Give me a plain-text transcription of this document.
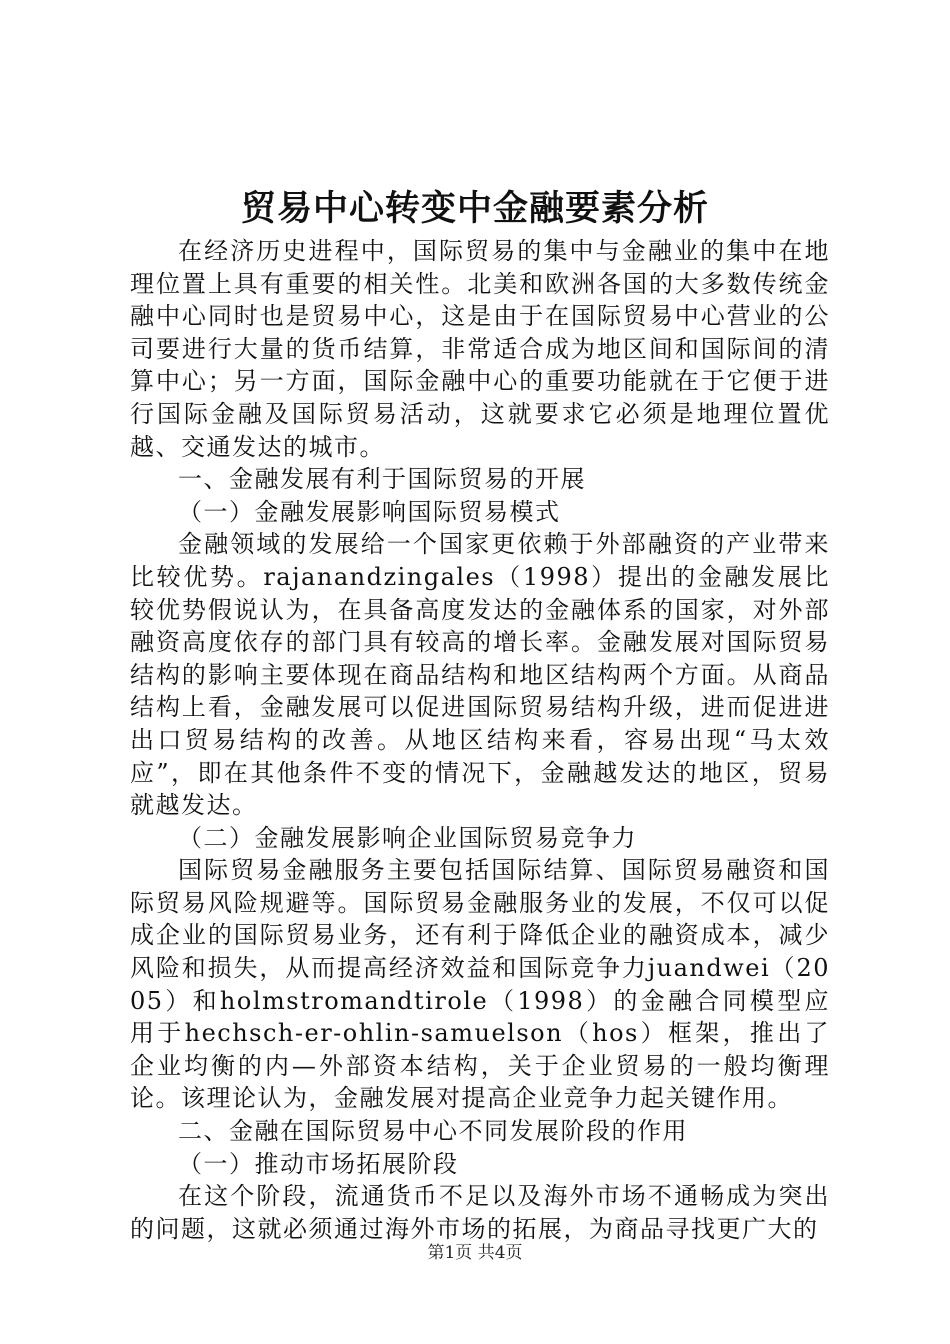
贸易中心转变中金融要素分析

在经济历史进程中，国际贸易的集中与金融业的集中在地理位置上具有重要的相关性。北美和欧洲各国的大多数传统金融中心同时也是贸易中心，这是由于在国际贸易中心营业的公司要进行大量的货币结算，非常适合成为地区间和国际间的清算中心；另一方面，国际金融中心的重要功能就在于它便于进行国际金融及国际贸易活动，这就要求它必须是地理位置优越、交通发达的城市。

一、金融发展有利于国际贸易的开展

（一）金融发展影响国际贸易模式

金融领域的发展给一个国家更依赖于外部融资的产业带来比较优势。rajanandzingales（1998）提出的金融发展比较优势假说认为，在具备高度发达的金融体系的国家，对外部融资高度依存的部门具有较高的增长率。金融发展对国际贸易结构的影响主要体现在商品结构和地区结构两个方面。从商品结构上看，金融发展可以促进国际贸易结构升级，进而促进进出口贸易结构的改善。从地区结构来看，容易出现“马太效应”，即在其他条件不变的情况下，金融越发达的地区，贸易就越发达。

（二）金融发展影响企业国际贸易竞争力

国际贸易金融服务主要包括国际结算、国际贸易融资和国际贸易风险规避等。国际贸易金融服务业的发展，不仅可以促成企业的国际贸易业务，还有利于降低企业的融资成本，减少风险和损失，从而提高经济效益和国际竞争力juandwei（2005）和holmstromandtirole（1998）的金融合同模型应用于hechsch-er-ohlin-samuelson（hos）框架，推出了企业均衡的内—外部资本结构，关于企业贸易的一般均衡理论。该理论认为，金融发展对提高企业竞争力起关键作用。

二、金融在国际贸易中心不同发展阶段的作用

（一）推动市场拓展阶段

在这个阶段，流通货币不足以及海外市场不通畅成为突出的问题，这就必须通过海外市场的拓展，为商品寻找更广大的

第1页 共4页
